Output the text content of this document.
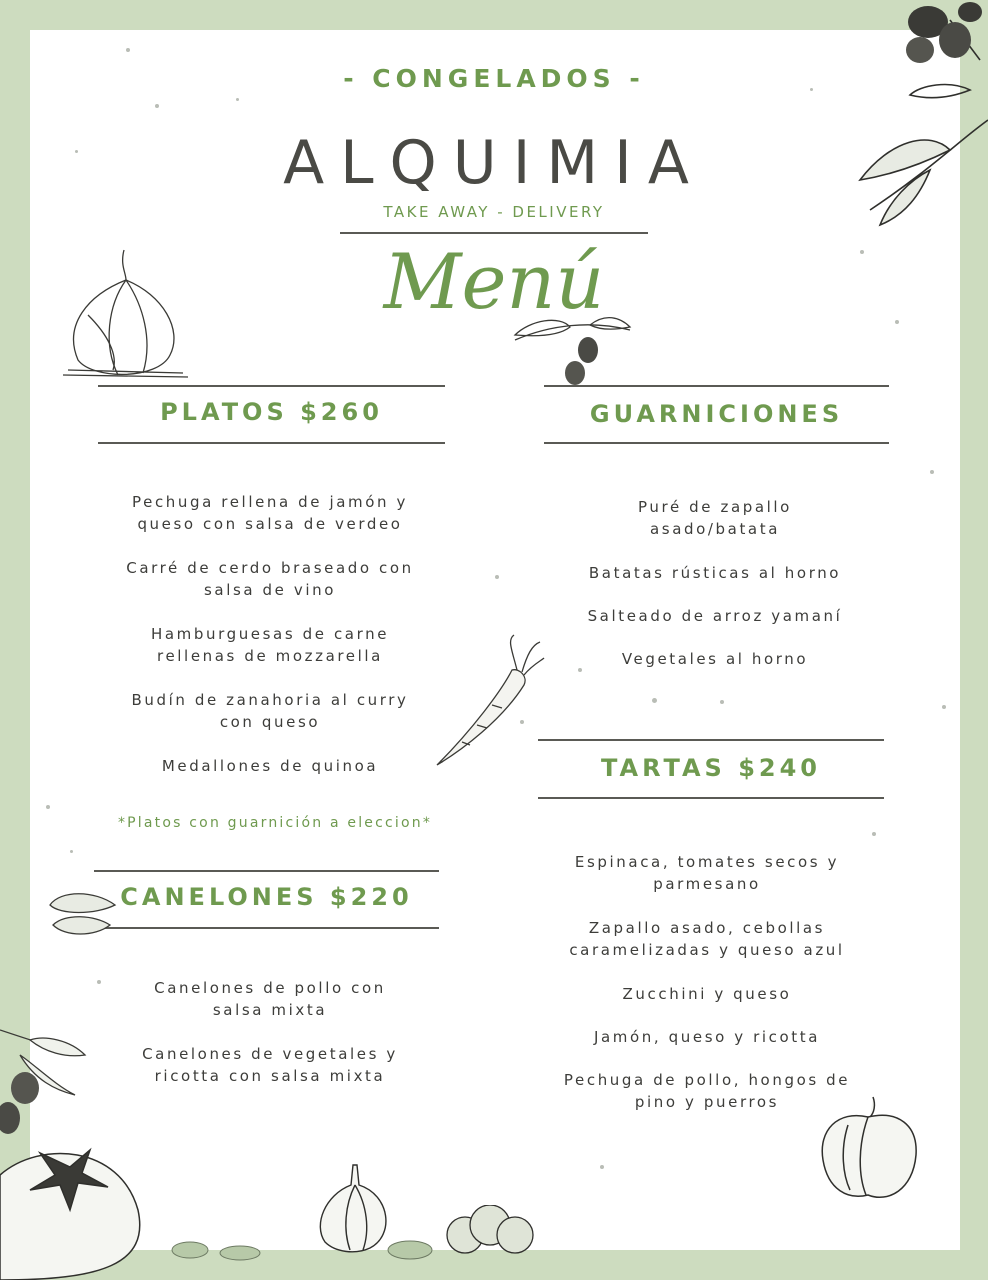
- CONGELADOS -
ALQUIMIA
TAKE AWAY - DELIVERY
Menú
PLATOS $260

Pechuga rellena de jamón y
queso con salsa de verdeo

Carré de cerdo braseado con
salsa de vino

Hamburguesas de carne
rellenas de mozzarella

Budín de zanahoria al curry
con queso

Medallones de quinoa

*Platos con guarnición a eleccion*
CANELONES $220

Canelones de pollo con
salsa mixta

Canelones de vegetales y
ricotta con salsa mixta

GUARNICIONES

Puré de zapallo
asado/batata

Batatas rústicas al horno

Salteado de arroz yamaní

Vegetales al horno

TARTAS $240

Espinaca, tomates secos y
parmesano

Zapallo asado, cebollas
caramelizadas y queso azul

Zucchini y queso

Jamón, queso y ricotta

Pechuga de pollo, hongos de
pino y puerros
